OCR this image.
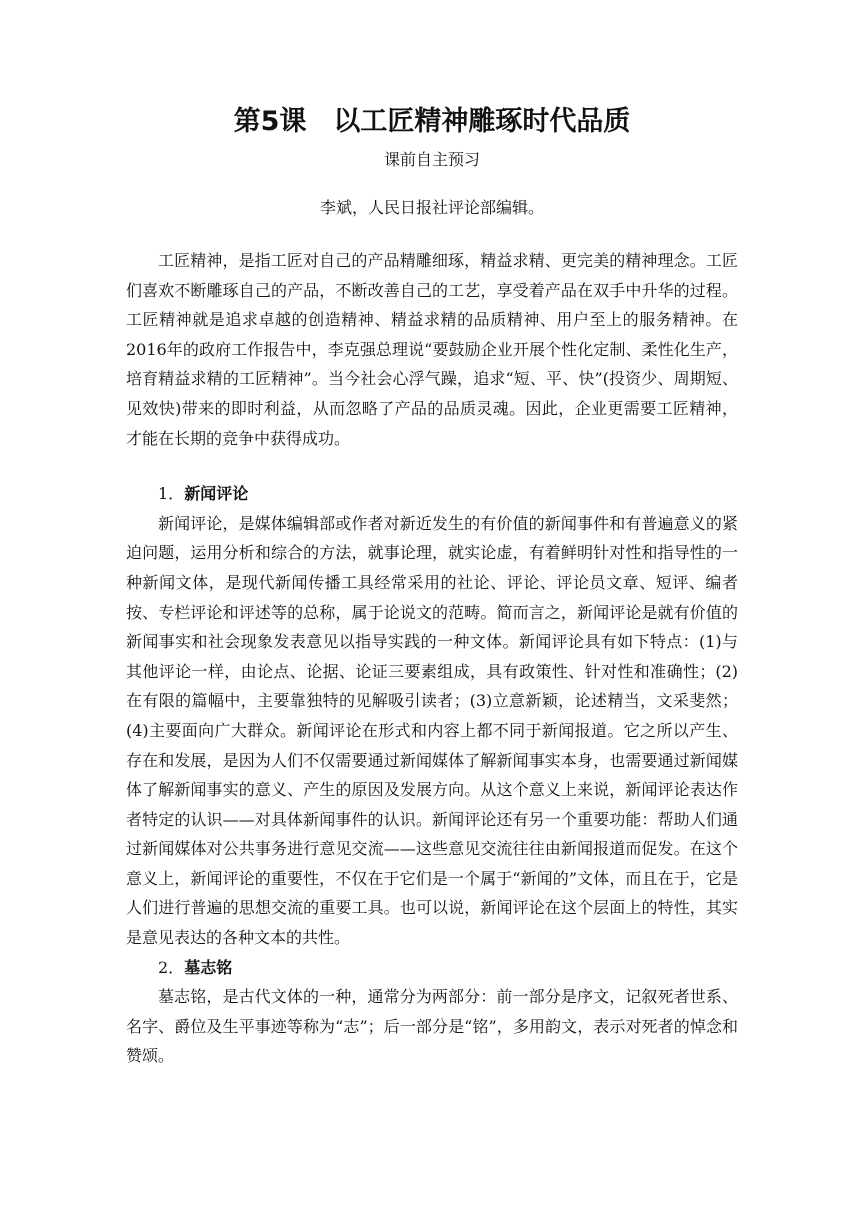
第5课　以工匠精神雕琢时代品质
课前自主预习
李斌，人民日报社评论部编辑。

工匠精神，是指工匠对自己的产品精雕细琢，精益求精、更完美的精神理念。工匠们喜欢不断雕琢自己的产品，不断改善自己的工艺，享受着产品在双手中升华的过程。工匠精神就是追求卓越的创造精神、精益求精的品质精神、用户至上的服务精神。在2016年的政府工作报告中，李克强总理说“要鼓励企业开展个性化定制、柔性化生产，培育精益求精的工匠精神”。当今社会心浮气躁，追求“短、平、快”(投资少、周期短、见效快)带来的即时利益，从而忽略了产品的品质灵魂。因此，企业更需要工匠精神，才能在长期的竞争中获得成功。

1．新闻评论

新闻评论，是媒体编辑部或作者对新近发生的有价值的新闻事件和有普遍意义的紧迫问题，运用分析和综合的方法，就事论理，就实论虚，有着鲜明针对性和指导性的一种新闻文体，是现代新闻传播工具经常采用的社论、评论、评论员文章、短评、编者按、专栏评论和评述等的总称，属于论说文的范畴。简而言之，新闻评论是就有价值的新闻事实和社会现象发表意见以指导实践的一种文体。新闻评论具有如下特点：(1)与其他评论一样，由论点、论据、论证三要素组成，具有政策性、针对性和准确性；(2)在有限的篇幅中，主要靠独特的见解吸引读者；(3)立意新颖，论述精当，文采斐然；(4)主要面向广大群众。新闻评论在形式和内容上都不同于新闻报道。它之所以产生、存在和发展，是因为人们不仅需要通过新闻媒体了解新闻事实本身，也需要通过新闻媒体了解新闻事实的意义、产生的原因及发展方向。从这个意义上来说，新闻评论表达作者特定的认识——对具体新闻事件的认识。新闻评论还有另一个重要功能：帮助人们通过新闻媒体对公共事务进行意见交流——这些意见交流往往由新闻报道而促发。在这个意义上，新闻评论的重要性，不仅在于它们是一个属于“新闻的”文体，而且在于，它是人们进行普遍的思想交流的重要工具。也可以说，新闻评论在这个层面上的特性，其实是意见表达的各种文本的共性。

2．墓志铭

墓志铭，是古代文体的一种，通常分为两部分：前一部分是序文，记叙死者世系、名字、爵位及生平事迹等称为“志”；后一部分是“铭”，多用韵文，表示对死者的悼念和赞颂。
